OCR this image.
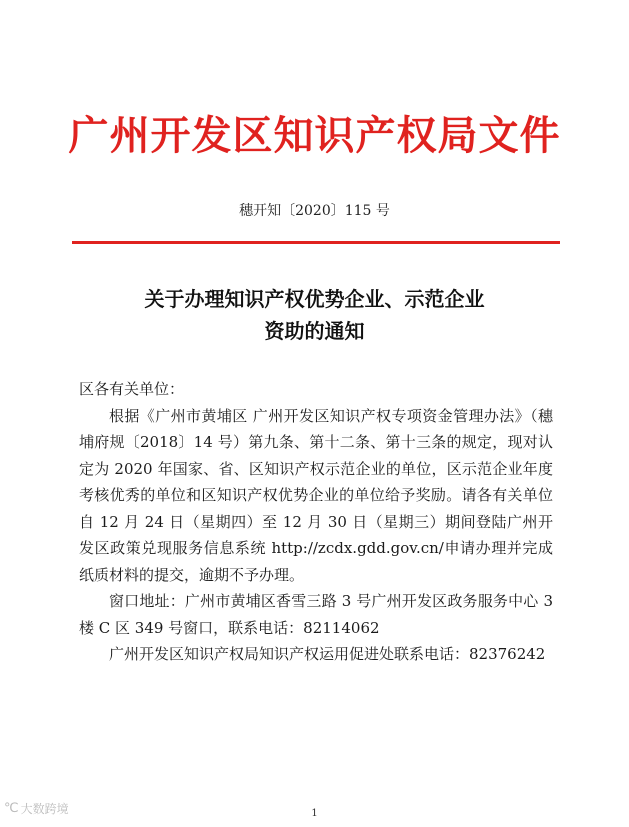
广州开发区知识产权局文件
穗开知〔2020〕115 号
关于办理知识产权优势企业、示范企业
资助的通知

区各有关单位：

根据《广州市黄埔区 广州开发区知识产权专项资金管理办法》（穗埔府规〔2018〕14 号）第九条、第十二条、第十三条的规定，现对认定为 2020 年国家、省、区知识产权示范企业的单位，区示范企业年度考核优秀的单位和区知识产权优势企业的单位给予奖励。请各有关单位自 12 月 24 日（星期四）至 12 月 30 日（星期三）期间登陆广州开发区政策兑现服务信息系统 http://zcdx.gdd.gov.cn/申请办理并完成纸质材料的提交，逾期不予办理。

窗口地址：广州市黄埔区香雪三路 3 号广州开发区政务服务中心 3 楼 C 区 349 号窗口，联系电话：82114062

广州开发区知识产权局知识产权运用促进处联系电话：82376242

1
℃ 大数跨境
